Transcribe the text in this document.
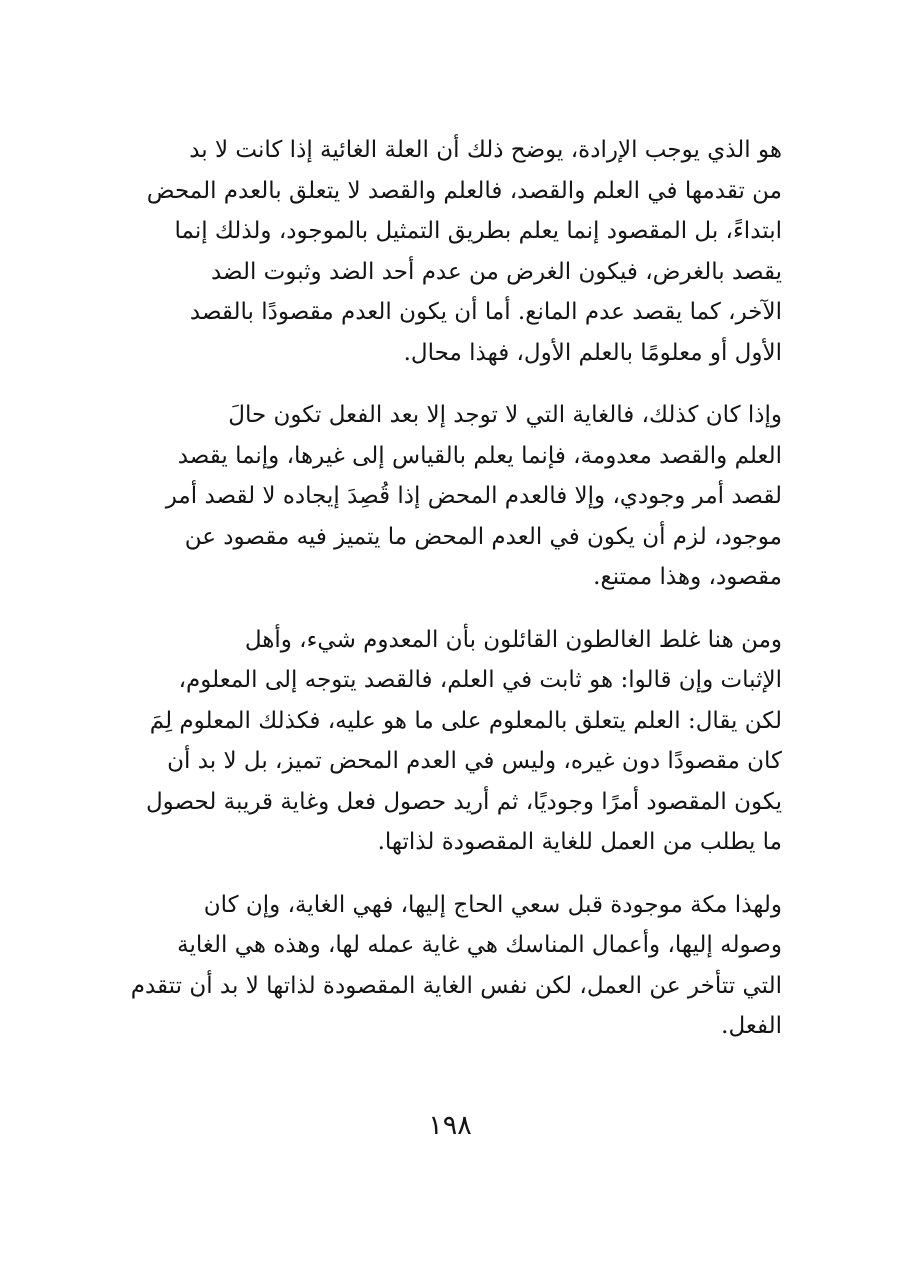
هو الذي يوجب الإرادة، يوضح ذلك أن العلة الغائية إذا كانت لا بد
من تقدمها في العلم والقصد، فالعلم والقصد لا يتعلق بالعدم المحض
ابتداءً، بل المقصود إنما يعلم بطريق التمثيل بالموجود، ولذلك إنما
يقصد بالغرض، فيكون الغرض من عدم أحد الضد وثبوت الضد
الآخر، كما يقصد عدم المانع. أما أن يكون العدم مقصودًا بالقصد
الأول أو معلومًا بالعلم الأول، فهذا محال.

وإذا كان كذلك، فالغاية التي لا توجد إلا بعد الفعل تكون حالَ
العلم والقصد معدومة، فإنما يعلم بالقياس إلى غيرها، وإنما يقصد
لقصد أمر وجودي، وإلا فالعدم المحض إذا قُصِدَ إيجاده لا لقصد أمر
موجود، لزم أن يكون في العدم المحض ما يتميز فيه مقصود عن
مقصود، وهذا ممتنع.

ومن هنا غلط الغالطون القائلون بأن المعدوم شيء، وأهل
الإثبات وإن قالوا: هو ثابت في العلم، فالقصد يتوجه إلى المعلوم،
لكن يقال: العلم يتعلق بالمعلوم على ما هو عليه، فكذلك المعلوم لِمَ
كان مقصودًا دون غيره، وليس في العدم المحض تميز، بل لا بد أن
يكون المقصود أمرًا وجوديًا، ثم أريد حصول فعل وغاية قريبة لحصول
ما يطلب من العمل للغاية المقصودة لذاتها.

ولهذا مكة موجودة قبل سعي الحاج إليها، فهي الغاية، وإن كان
وصوله إليها، وأعمال المناسك هي غاية عمله لها، وهذه هي الغاية
التي تتأخر عن العمل، لكن نفس الغاية المقصودة لذاتها لا بد أن تتقدم
الفعل.

١٩٨
